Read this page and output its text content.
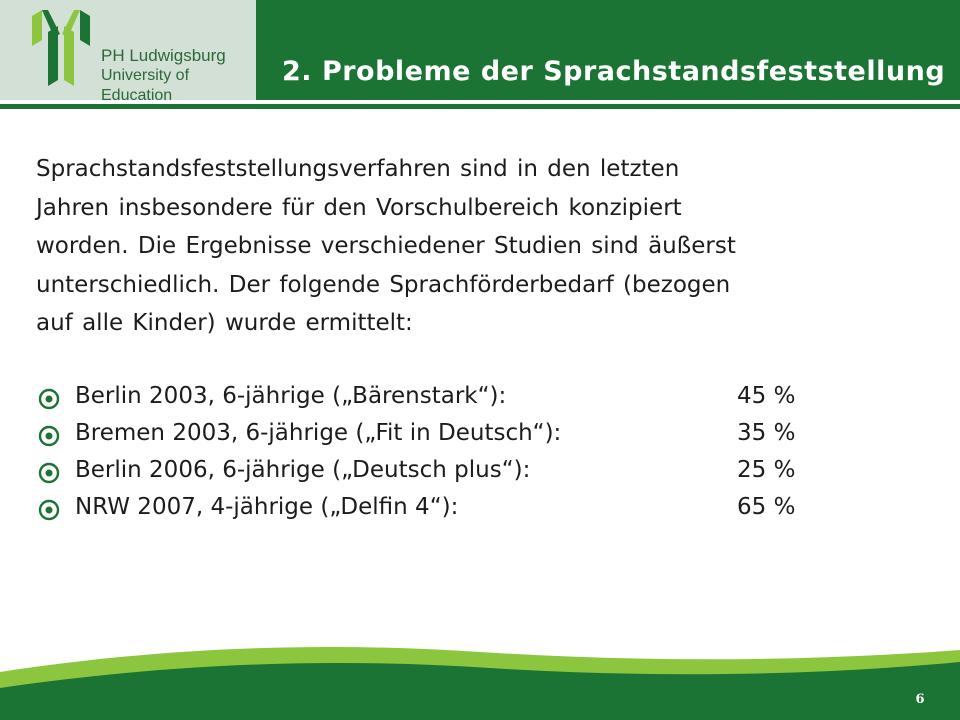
PH Ludwigsburg
University of Education
2. Probleme der Sprachstandsfeststellung
Sprachstandsfeststellungsverfahren sind in den letzten
Jahren insbesondere für den Vorschulbereich konzipiert
worden. Die Ergebnisse verschiedener Studien sind äußerst
unterschiedlich. Der folgende Sprachförderbedarf (bezogen
auf alle Kinder) wurde ermittelt:
Berlin 2003, 6-jährige („Bärenstark“):	45 %
Bremen 2003, 6-jährige („Fit in Deutsch“):	35 %
Berlin 2006, 6-jährige („Deutsch plus“):	25 %
NRW 2007, 4-jährige („Delfin 4“):	65 %
6
